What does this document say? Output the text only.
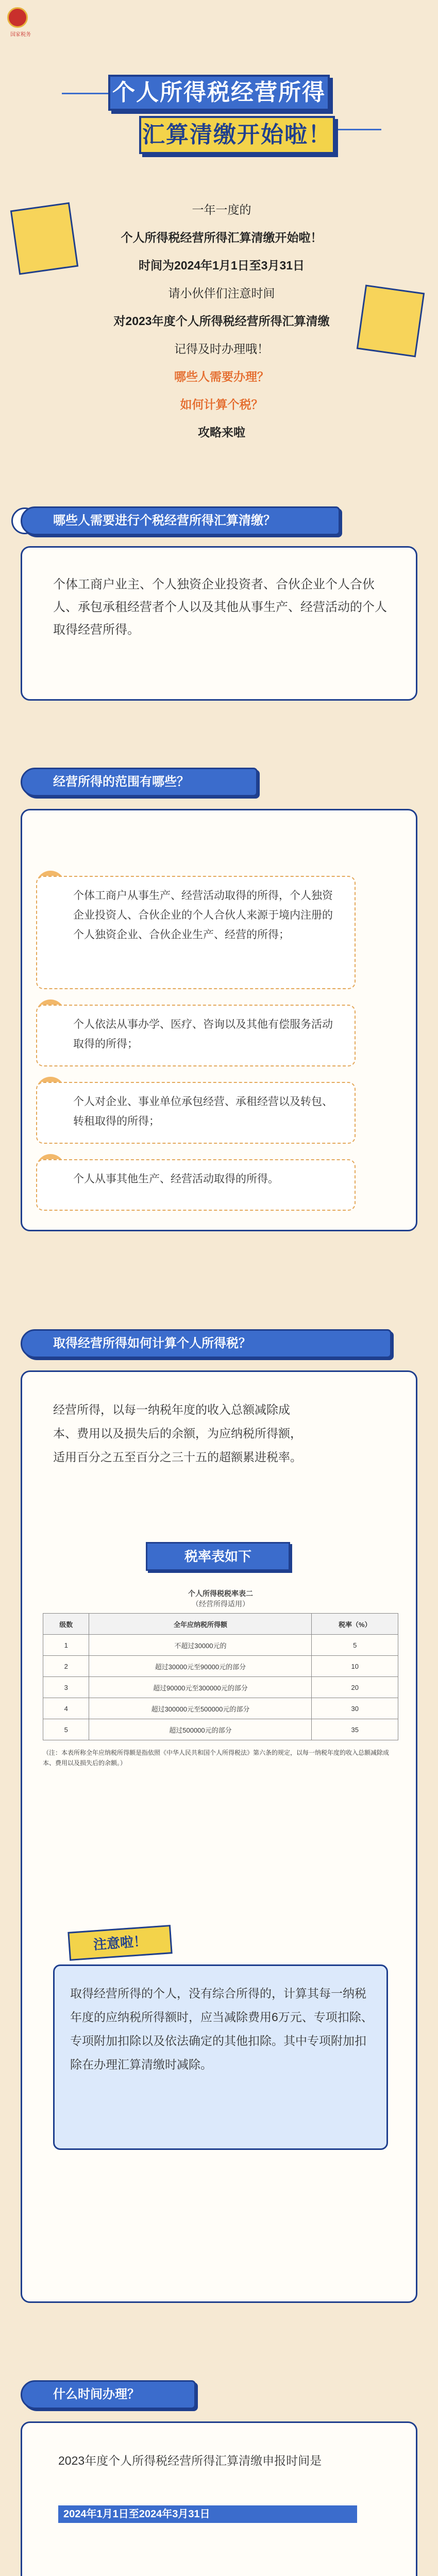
国家税务
个人所得税经营所得
汇算清缴开始啦！

一年一度的

个人所得税经营所得汇算清缴开始啦！

时间为2024年1月1日至3月31日

请小伙伴们注意时间

对2023年度个人所得税经营所得汇算清缴

记得及时办理哦！

哪些人需要办理？

如何计算个税？

攻略来啦

哪些人需要进行个税经营所得汇算清缴？
个体工商户业主、个人独资企业投资者、合伙企业个人合伙人、承包承租经营者个人以及其他从事生产、经营活动的个人取得经营所得。
经营所得的范围有哪些？
个体工商户从事生产、经营活动取得的所得，个人独资企业投资人、合伙企业的个人合伙人来源于境内注册的个人独资企业、合伙企业生产、经营的所得；
个人依法从事办学、医疗、咨询以及其他有偿服务活动取得的所得；
个人对企业、事业单位承包经营、承租经营以及转包、转租取得的所得；
个人从事其他生产、经营活动取得的所得。
取得经营所得如何计算个人所得税？
经营所得，以每一纳税年度的收入总额减除成本、费用以及损失后的余额，为应纳税所得额，适用百分之五至百分之三十五的超额累进税率。
税率表如下
个人所得税税率表二
（经营所得适用）
级数	全年应纳税所得额	税率（%）
1	不超过30000元的	5
2	超过30000元至90000元的部分	10
3	超过90000元至300000元的部分	20
4	超过300000元至500000元的部分	30
5	超过500000元的部分	35
（注：本表所称全年应纳税所得额是指依照《中华人民共和国个人所得税法》第六条的规定，以每一纳税年度的收入总额减除成本、费用以及损失后的余额。）
注意啦！
取得经营所得的个人，没有综合所得的，计算其每一纳税年度的应纳税所得额时，应当减除费用6万元、专项扣除、专项附加扣除以及依法确定的其他扣除。其中专项附加扣除在办理汇算清缴时减除。
什么时间办理？
2023年度个人所得税经营所得汇算清缴申报时间是
2024年1月1日至2024年3月31日
